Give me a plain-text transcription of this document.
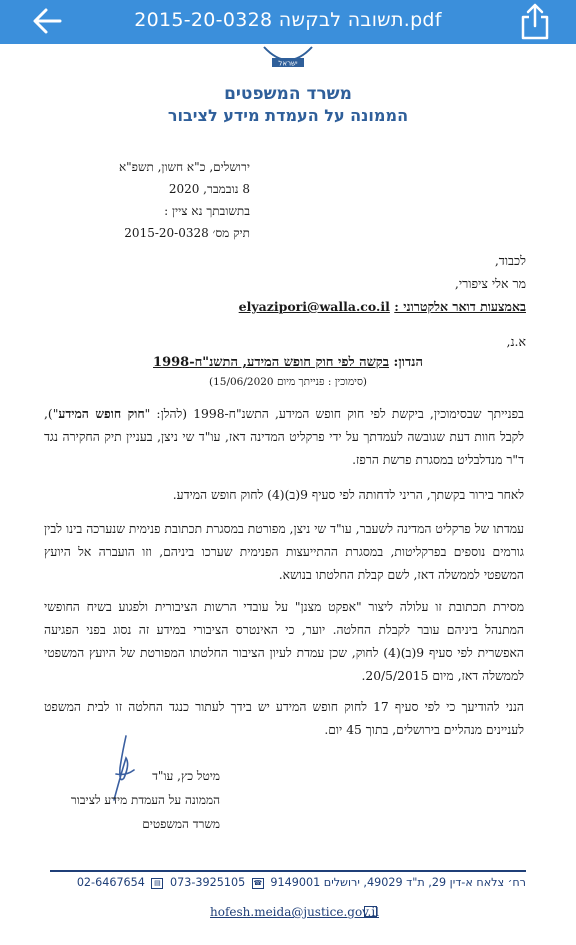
תשובה לבקשה 2015-20-0328.pdf
ישראל
משרד המשפטים
הממונה על העמדת מידע לציבור
ירושלים, כ"א חשון, תשפ"א
8 נובמבר, 2020
בתשובתך נא ציין :
תיק מס׳ 2015-20-0328
לכבוד,
מר אלי ציפורי,
באמצעות דואר אלקטרוני : elyazipori@walla.co.il
א.נ,
הנדון: בקשה לפי חוק חופש המידע, התשנ"ח-1998
(סימוכין : פנייתך מיום 15/06/2020)
בפנייתך שבסימוכין, ביקשת לפי חוק חופש המידע, התשנ"ח-1998 (להלן: "חוק חופש המידע"), לקבל חוות דעת שגובשה לעמדתך על ידי פרקליט המדינה דאז, עו"ד שי ניצן, בעניין תיק החקירה נגד ד"ר מנדלבליט במסגרת פרשת הרפז.
לאחר בירור בקשתך, הריני לדחותה לפי סעיף 9(ב)(4) לחוק חופש המידע.
עמדתו של פרקליט המדינה לשעבר, עו"ד שי ניצן, מפורטת במסגרת תכתובת פנימית שנערכה בינו לבין גורמים נוספים בפרקליטות, במסגרת ההתייעצות הפנימית שערכו ביניהם, וזו הועברה אל היועץ המשפטי לממשלה דאז, לשם קבלת החלטתו בנושא.
מסירת תכתובת זו עלולה ליצור "אפקט מצנן" על עובדי הרשות הציבורית ולפגוע בשיח החופשי המתנהל ביניהם עובר לקבלת החלטה. יוער, כי האינטרס הציבורי במידע זה נסוג בפני הפגיעה האפשרית לפי סעיף 9(ב)(4) לחוק, שכן עמדת לעיון הציבור החלטתו המפורטת של היועץ המשפטי לממשלה דאז, מיום 20/5/2015.
הנני להודיעך כי לפי סעיף 17 לחוק חופש המידע יש בידך לעתור כנגד החלטה זו לבית המשפט לעניינים מנהליים בירושלים, בתוך 45 יום.
מיטל כץ, עו"ד
הממונה על העמדת מידע לציבור
משרד המשפטים
רח׳ צלאח א-דין 29, ת"ד 49029, ירושלים 9149001 ☎ 073-3925105 ▤ 02-6467654
hofesh.meida@justice.gov.il
